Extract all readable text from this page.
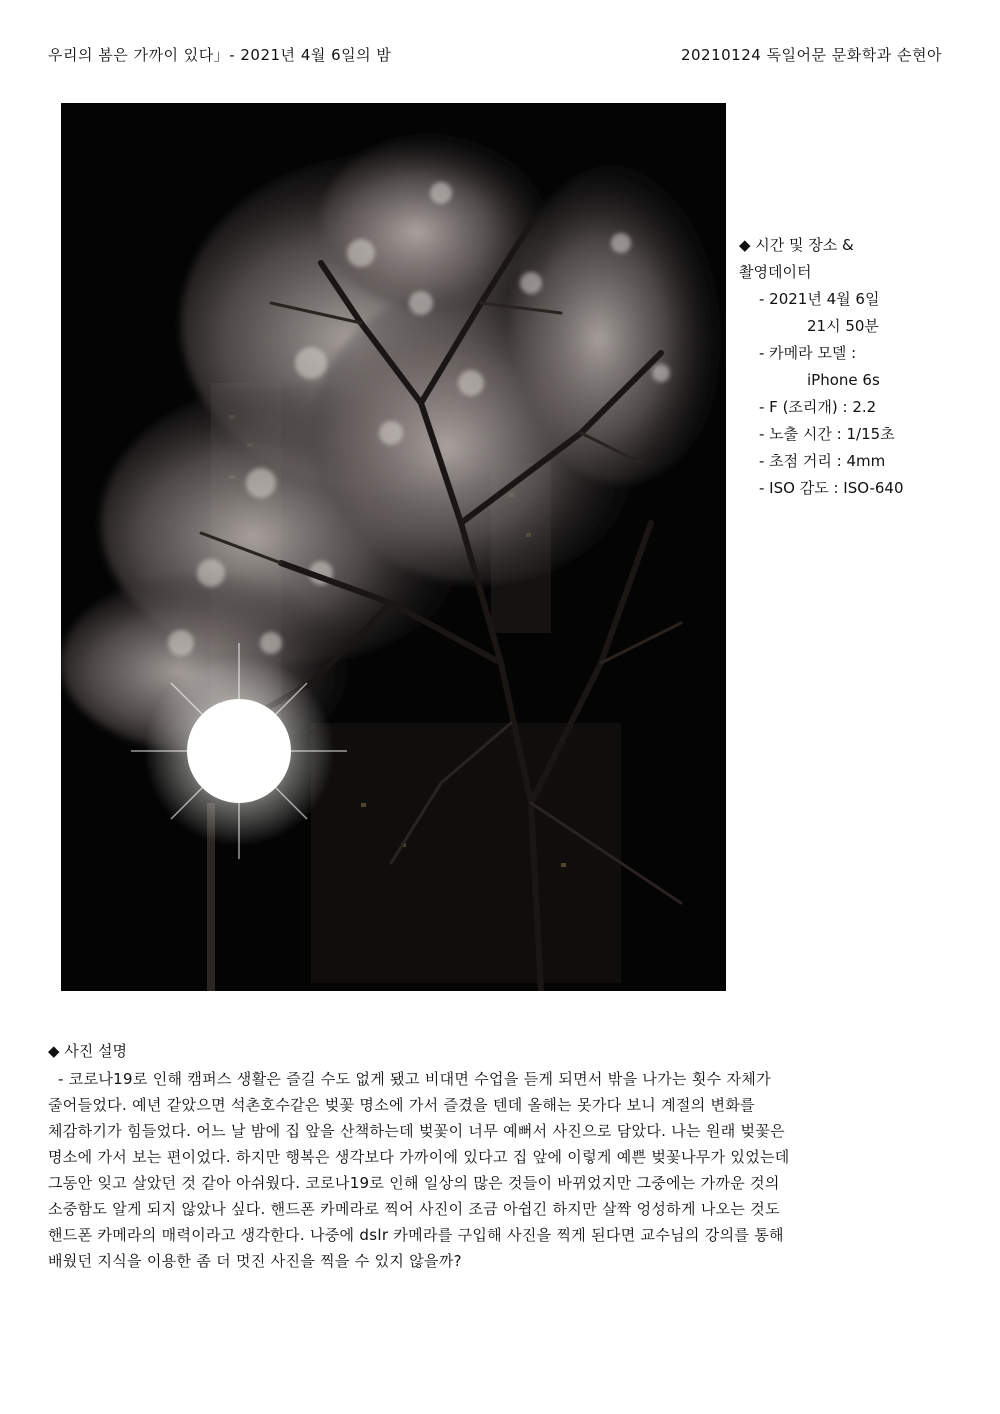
우리의 봄은 가까이 있다」- 2021년 4월 6일의 밤	20210124 독일어문 문화학과 손현아
◆ 시간 및 장소 &
촬영데이터
- 2021년 4월 6일
21시 50분
- 카메라 모델 :
iPhone 6s
- F (조리개) : 2.2
- 노출 시간 : 1/15초
- 초점 거리 : 4mm
- ISO 감도 : ISO-640
◆ 사진 설명
- 코로나19로 인해 캠퍼스 생활은 즐길 수도 없게 됐고 비대면 수업을 듣게 되면서 밖을 나가는 횟수 자체가
줄어들었다. 예년 같았으면 석촌호수같은 벚꽃 명소에 가서 즐겼을 텐데 올해는 못가다 보니 계절의 변화를
체감하기가 힘들었다. 어느 날 밤에 집 앞을 산책하는데 벚꽃이 너무 예뻐서 사진으로 담았다. 나는 원래 벚꽃은
명소에 가서 보는 편이었다. 하지만 행복은 생각보다 가까이에 있다고 집 앞에 이렇게 예쁜 벚꽃나무가 있었는데
그동안 잊고 살았던 것 같아 아쉬웠다. 코로나19로 인해 일상의 많은 것들이 바뀌었지만 그중에는 가까운 것의
소중함도 알게 되지 않았나 싶다. 핸드폰 카메라로 찍어 사진이 조금 아쉽긴 하지만 살짝 엉성하게 나오는 것도
핸드폰 카메라의 매력이라고 생각한다. 나중에 dslr 카메라를 구입해 사진을 찍게 된다면 교수님의 강의를 통해
배웠던 지식을 이용한 좀 더 멋진 사진을 찍을 수 있지 않을까?
